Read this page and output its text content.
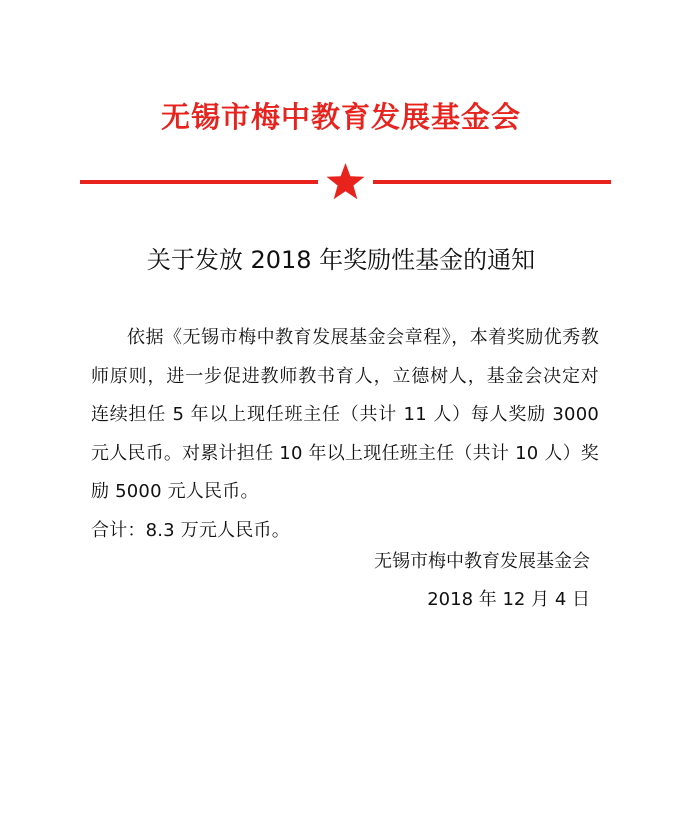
无锡市梅中教育发展基金会
关于发放 2018 年奖励性基金的通知

依据《无锡市梅中教育发展基金会章程》，本着奖励优秀教师原则，进一步促进教师教书育人，立德树人，基金会决定对连续担任 5 年以上现任班主任（共计 11 人）每人奖励 3000 元人民币。对累计担任 10 年以上现任班主任（共计 10 人）奖励 5000 元人民币。

合计：8.3 万元人民币。

无锡市梅中教育发展基金会
2018 年 12 月 4 日
